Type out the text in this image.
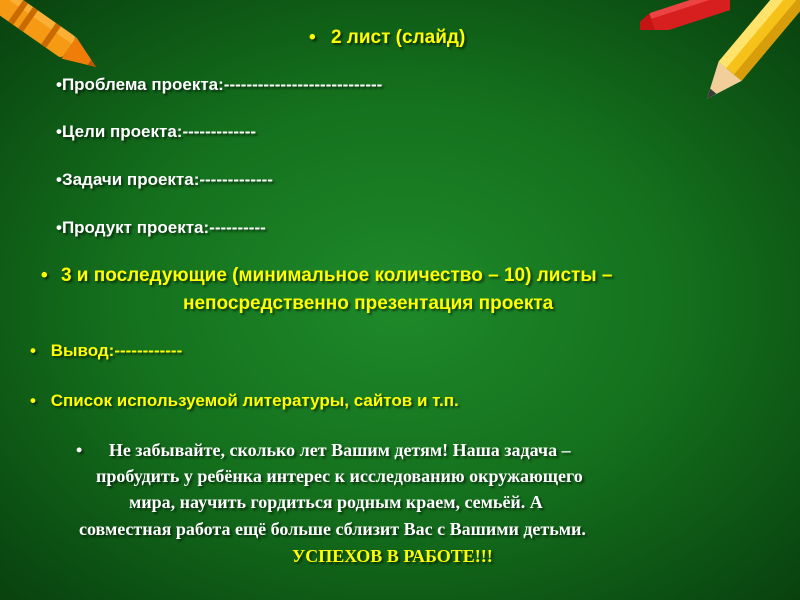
• 2 лист (слайд)
•Проблема проекта:----------------------------
•Цели проекта:-------------
•Задачи проекта:-------------
•Продукт проекта:----------
• 3 и последующие (минимальное количество – 10) листы –
непосредственно презентация проекта
• Вывод:------------
• Список используемой литературы, сайтов и т.п.
• Не забывайте, сколько лет Вашим детям! Наша задача –
пробудить у ребёнка интерес к исследованию окружающего
мира, научить гордиться родным краем, семьёй. А
совместная работа ещё больше сблизит Вас с Вашими детьми.
УСПЕХОВ В РАБОТЕ!!!
